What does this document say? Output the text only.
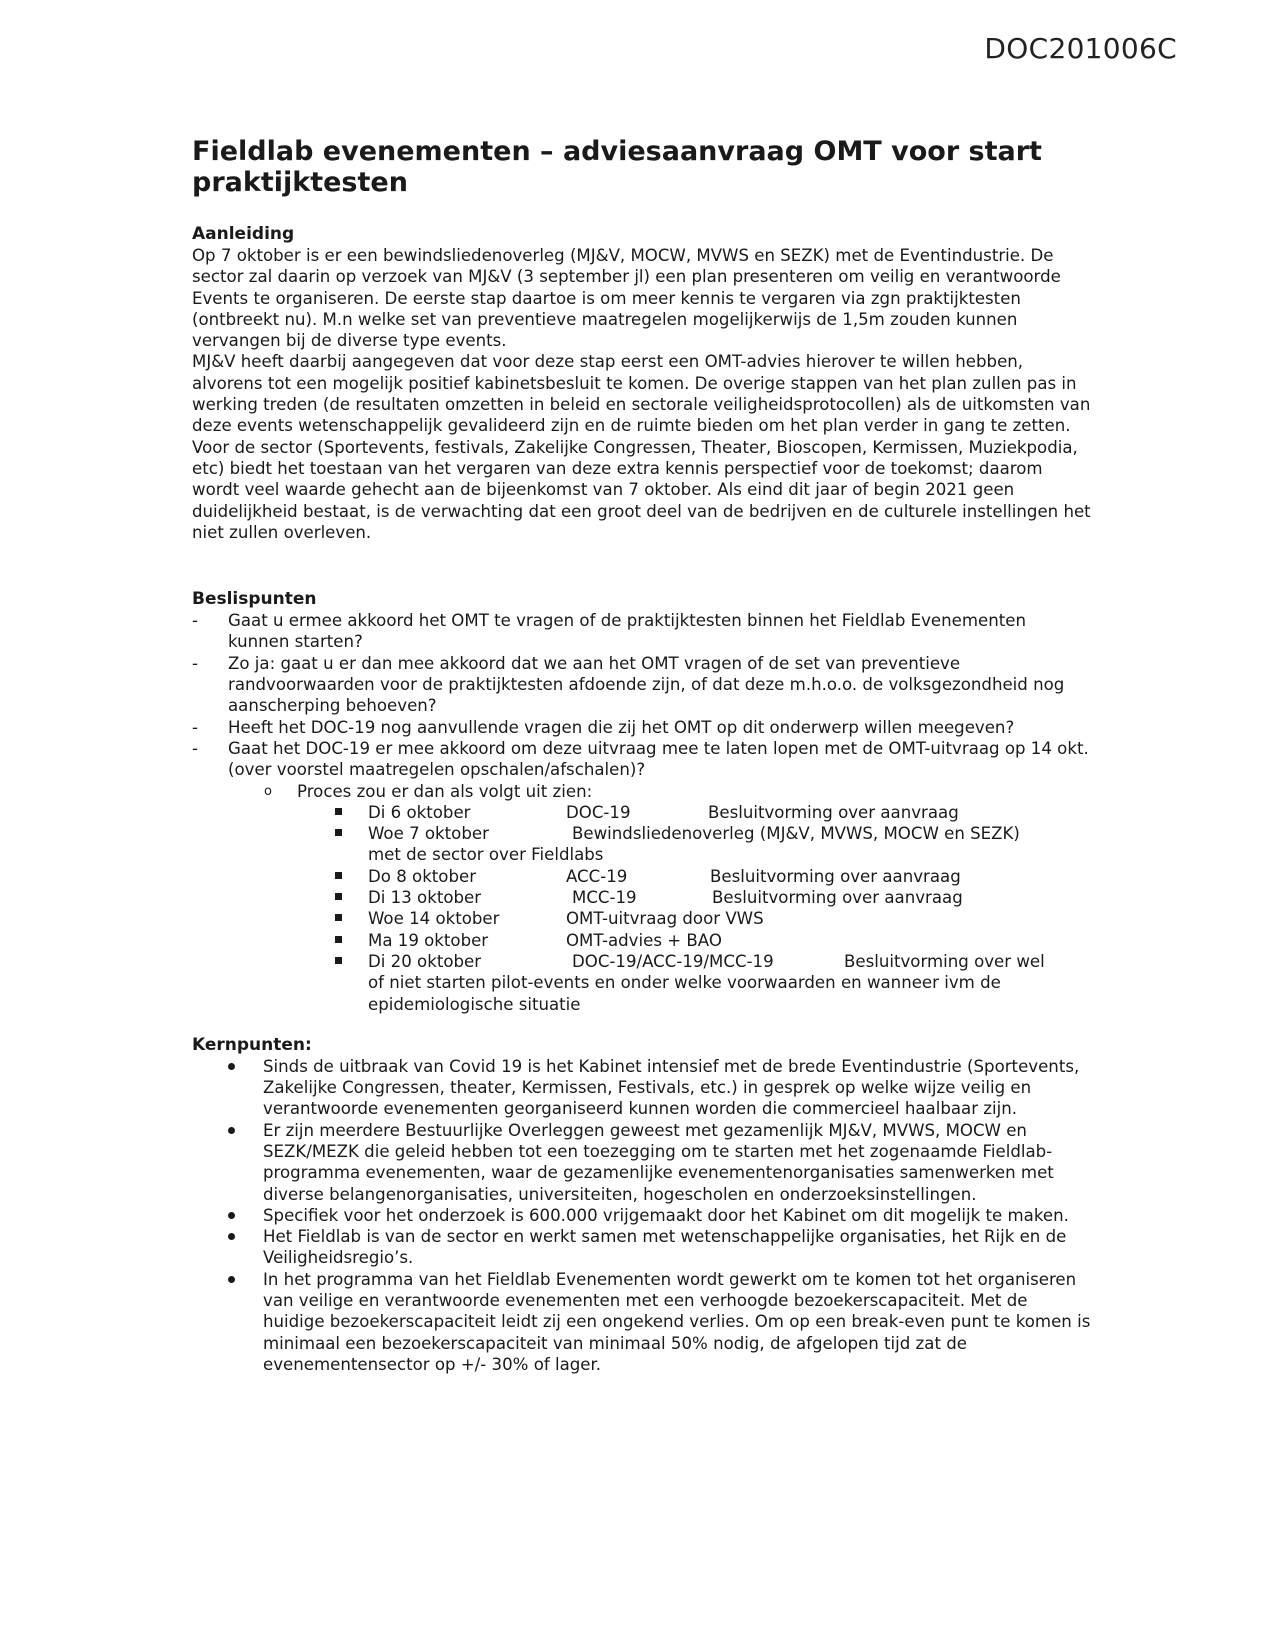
DOC201006C
Fieldlab evenementen – adviesaanvraag OMT voor start praktijktesten
Aanleiding

Op 7 oktober is er een bewindsliedenoverleg (MJ&V, MOCW, MVWS en SEZK) met de Eventindustrie. De sector zal daarin op verzoek van MJ&V (3 september jl) een plan presenteren om veilig en verantwoorde Events te organiseren. De eerste stap daartoe is om meer kennis te vergaren via zgn praktijktesten (ontbreekt nu). M.n welke set van preventieve maatregelen mogelijkerwijs de 1,5m zouden kunnen vervangen bij de diverse type events.
MJ&V heeft daarbij aangegeven dat voor deze stap eerst een OMT-advies hierover te willen hebben, alvorens tot een mogelijk positief kabinetsbesluit te komen. De overige stappen van het plan zullen pas in werking treden (de resultaten omzetten in beleid en sectorale veiligheidsprotocollen) als de uitkomsten van deze events wetenschappelijk gevalideerd zijn en de ruimte bieden om het plan verder in gang te zetten.
Voor de sector (Sportevents, festivals, Zakelijke Congressen, Theater, Bioscopen, Kermissen, Muziekpodia, etc) biedt het toestaan van het vergaren van deze extra kennis perspectief voor de toekomst; daarom wordt veel waarde gehecht aan de bijeenkomst van 7 oktober. Als eind dit jaar of begin 2021 geen duidelijkheid bestaat, is de verwachting dat een groot deel van de bedrijven en de culturele instellingen het niet zullen overleven.

Beslispunten
- Gaat u ermee akkoord het OMT te vragen of de praktijktesten binnen het Fieldlab Evenementen kunnen starten?
- Zo ja: gaat u er dan mee akkoord dat we aan het OMT vragen of de set van preventieve randvoorwaarden voor de praktijktesten afdoende zijn, of dat deze m.h.o.o. de volksgezondheid nog aanscherping behoeven?
- Heeft het DOC-19 nog aanvullende vragen die zij het OMT op dit onderwerp willen meegeven?
- Gaat het DOC-19 er mee akkoord om deze uitvraag mee te laten lopen met de OMT-uitvraag op 14 okt. (over voorstel maatregelen opschalen/afschalen)?
o Proces zou er dan als volgt uit zien:
Di 6 oktober	DOC-19	Besluitvorming over aanvraag
Woe 7 oktober	Bewindsliedenoverleg (MJ&V, MVWS, MOCW en SEZK)
met de sector over Fieldlabs
Do 8 oktober	ACC-19	Besluitvorming over aanvraag
Di 13 oktober	MCC-19	Besluitvorming over aanvraag
Woe 14 oktober	OMT-uitvraag door VWS
Ma 19 oktober	OMT-advies + BAO
Di 20 oktober	DOC-19/ACC-19/MCC-19	Besluitvorming over wel
of niet starten pilot-events en onder welke voorwaarden en wanneer ivm de epidemiologische situatie
Kernpunten:
Sinds de uitbraak van Covid 19 is het Kabinet intensief met de brede Eventindustrie (Sportevents, Zakelijke Congressen, theater, Kermissen, Festivals, etc.) in gesprek op welke wijze veilig en verantwoorde evenementen georganiseerd kunnen worden die commercieel haalbaar zijn.
Er zijn meerdere Bestuurlijke Overleggen geweest met gezamenlijk MJ&V, MVWS, MOCW en SEZK/MEZK die geleid hebben tot een toezegging om te starten met het zogenaamde Fieldlab-programma evenementen, waar de gezamenlijke evenementenorganisaties samenwerken met diverse belangenorganisaties, universiteiten, hogescholen en onderzoeksinstellingen.
Specifiek voor het onderzoek is 600.000 vrijgemaakt door het Kabinet om dit mogelijk te maken.
Het Fieldlab is van de sector en werkt samen met wetenschappelijke organisaties, het Rijk en de Veiligheidsregio’s.
In het programma van het Fieldlab Evenementen wordt gewerkt om te komen tot het organiseren van veilige en verantwoorde evenementen met een verhoogde bezoekerscapaciteit. Met de huidige bezoekerscapaciteit leidt zij een ongekend verlies. Om op een break-even punt te komen is minimaal een bezoekerscapaciteit van minimaal 50% nodig, de afgelopen tijd zat de evenementensector op +/- 30% of lager.
